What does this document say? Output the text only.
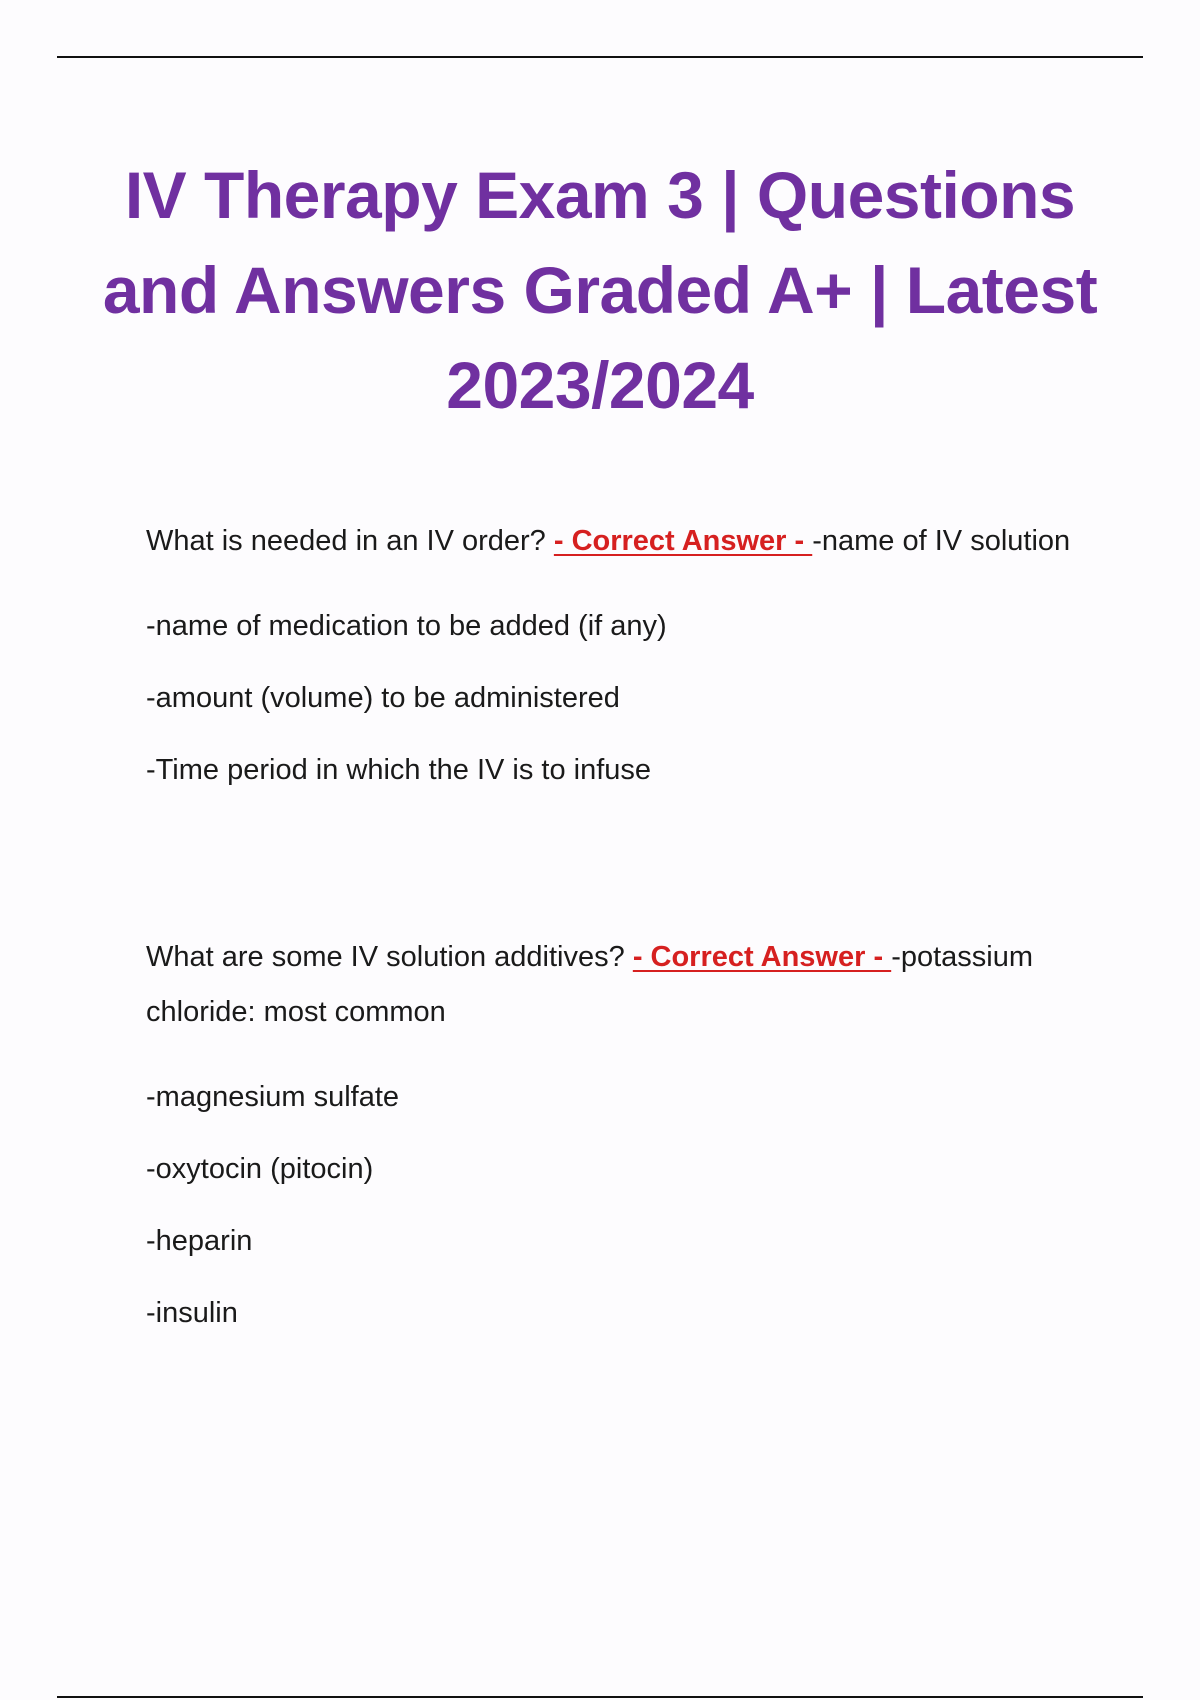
IV Therapy Exam 3 | Questions and Answers Graded A+ | Latest 2023/2024

What is needed in an IV order? - Correct Answer - -name of IV solution

-name of medication to be added (if any)

-amount (volume) to be administered

-Time period in which the IV is to infuse

What are some IV solution additives? - Correct Answer - -potassium chloride: most common

-magnesium sulfate

-oxytocin (pitocin)

-heparin

-insulin
